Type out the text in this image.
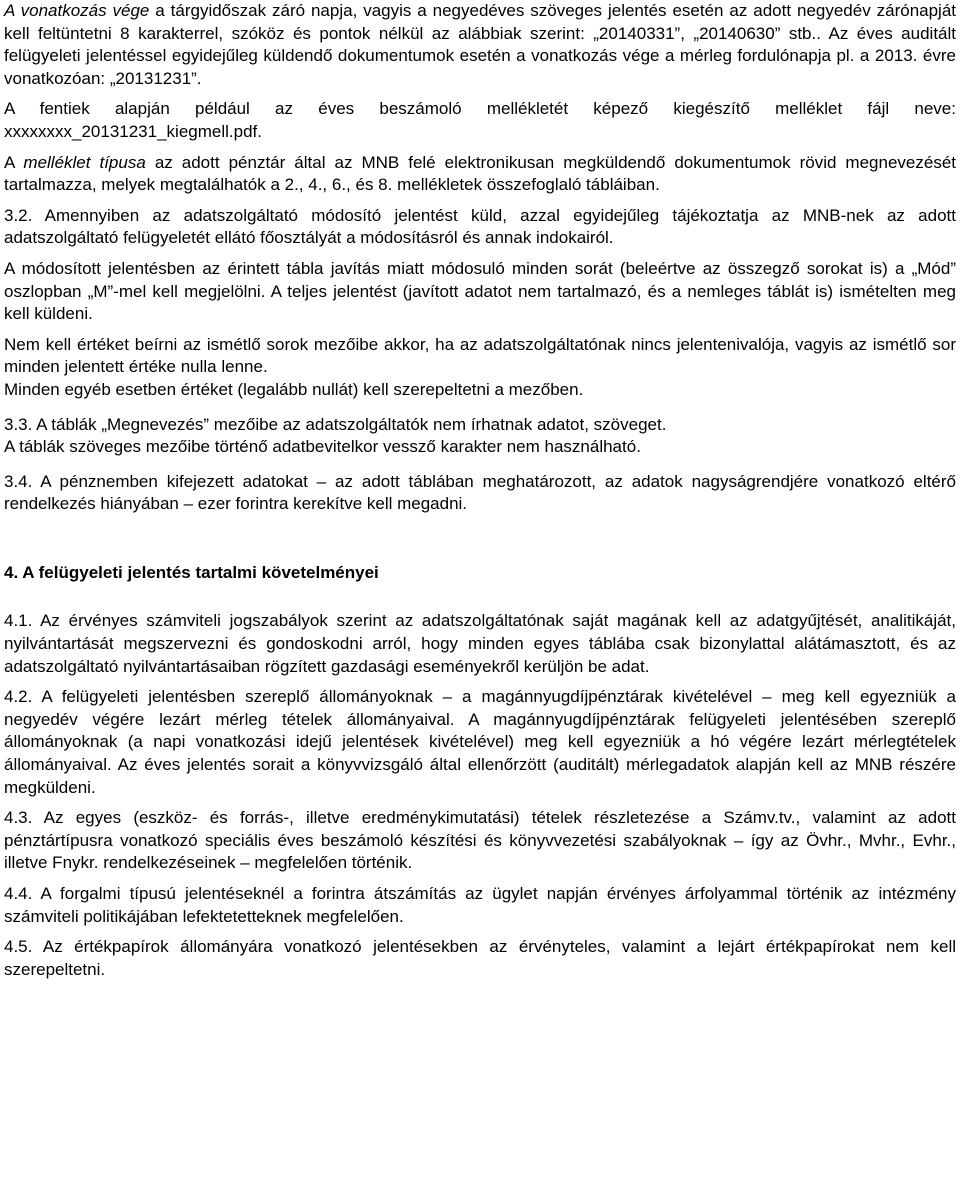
A vonatkozás vége a tárgyidőszak záró napja, vagyis a negyedéves szöveges jelentés esetén az adott negyedév zárónapját kell feltüntetni 8 karakterrel, szóköz és pontok nélkül az alábbiak szerint: „20140331”, „20140630” stb.. Az éves auditált felügyeleti jelentéssel egyidejűleg küldendő dokumentumok esetén a vonatkozás vége a mérleg fordulónapja pl. a 2013. évre vonatkozóan: „20131231”.

A fentiek alapján például az éves beszámoló mellékletét képező kiegészítő melléklet fájl neve: xxxxxxxx_20131231_kiegmell.pdf.

A melléklet típusa az adott pénztár által az MNB felé elektronikusan megküldendő dokumentumok rövid megnevezését tartalmazza, melyek megtalálhatók a 2., 4., 6., és 8. mellékletek összefoglaló tábláiban.

3.2. Amennyiben az adatszolgáltató módosító jelentést küld, azzal egyidejűleg tájékoztatja az MNB-nek az adott adatszolgáltató felügyeletét ellátó főosztályát a módosításról és annak indokairól.

A módosított jelentésben az érintett tábla javítás miatt módosuló minden sorát (beleértve az összegző sorokat is) a „Mód” oszlopban „M”-mel kell megjelölni. A teljes jelentést (javított adatot nem tartalmazó, és a nemleges táblát is) ismételten meg kell küldeni.

Nem kell értéket beírni az ismétlő sorok mezőibe akkor, ha az adatszolgáltatónak nincs jelentenivalója, vagyis az ismétlő sor minden jelentett értéke nulla lenne.

Minden egyéb esetben értéket (legalább nullát) kell szerepeltetni a mezőben.

3.3. A táblák „Megnevezés” mezőibe az adatszolgáltatók nem írhatnak adatot, szöveget.

A táblák szöveges mezőibe történő adatbevitelkor vessző karakter nem használható.

3.4. A pénznemben kifejezett adatokat ‒ az adott táblában meghatározott, az adatok nagyságrendjére vonatkozó eltérő rendelkezés hiányában ‒ ezer forintra kerekítve kell megadni.

4. A felügyeleti jelentés tartalmi követelményei

4.1. Az érvényes számviteli jogszabályok szerint az adatszolgáltatónak saját magának kell az adatgyűjtését, analitikáját, nyilvántartását megszervezni és gondoskodni arról, hogy minden egyes táblába csak bizonylattal alátámasztott, és az adatszolgáltató nyilvántartásaiban rögzített gazdasági eseményekről kerüljön be adat.

4.2. A felügyeleti jelentésben szereplő állományoknak ‒ a magánnyugdíjpénztárak kivételével ‒ meg kell egyezniük a negyedév végére lezárt mérleg tételek állományaival. A magánnyugdíjpénztárak felügyeleti jelentésében szereplő állományoknak (a napi vonatkozási idejű jelentések kivételével) meg kell egyezniük a hó végére lezárt mérlegtételek állományaival. Az éves jelentés sorait a könyvvizsgáló által ellenőrzött (auditált) mérlegadatok alapján kell az MNB részére megküldeni.

4.3. Az egyes (eszköz- és forrás-, illetve eredménykimutatási) tételek részletezése a Számv.tv., valamint az adott pénztártípusra vonatkozó speciális éves beszámoló készítési és könyvvezetési szabályoknak ‒ így az Övhr., Mvhr., Evhr., illetve Fnykr. rendelkezéseinek ‒ megfelelően történik.

4.4. A forgalmi típusú jelentéseknél a forintra átszámítás az ügylet napján érvényes árfolyammal történik az intézmény számviteli politikájában lefektetetteknek megfelelően.

4.5. Az értékpapírok állományára vonatkozó jelentésekben az érvényteles, valamint a lejárt értékpapírokat nem kell szerepeltetni.
